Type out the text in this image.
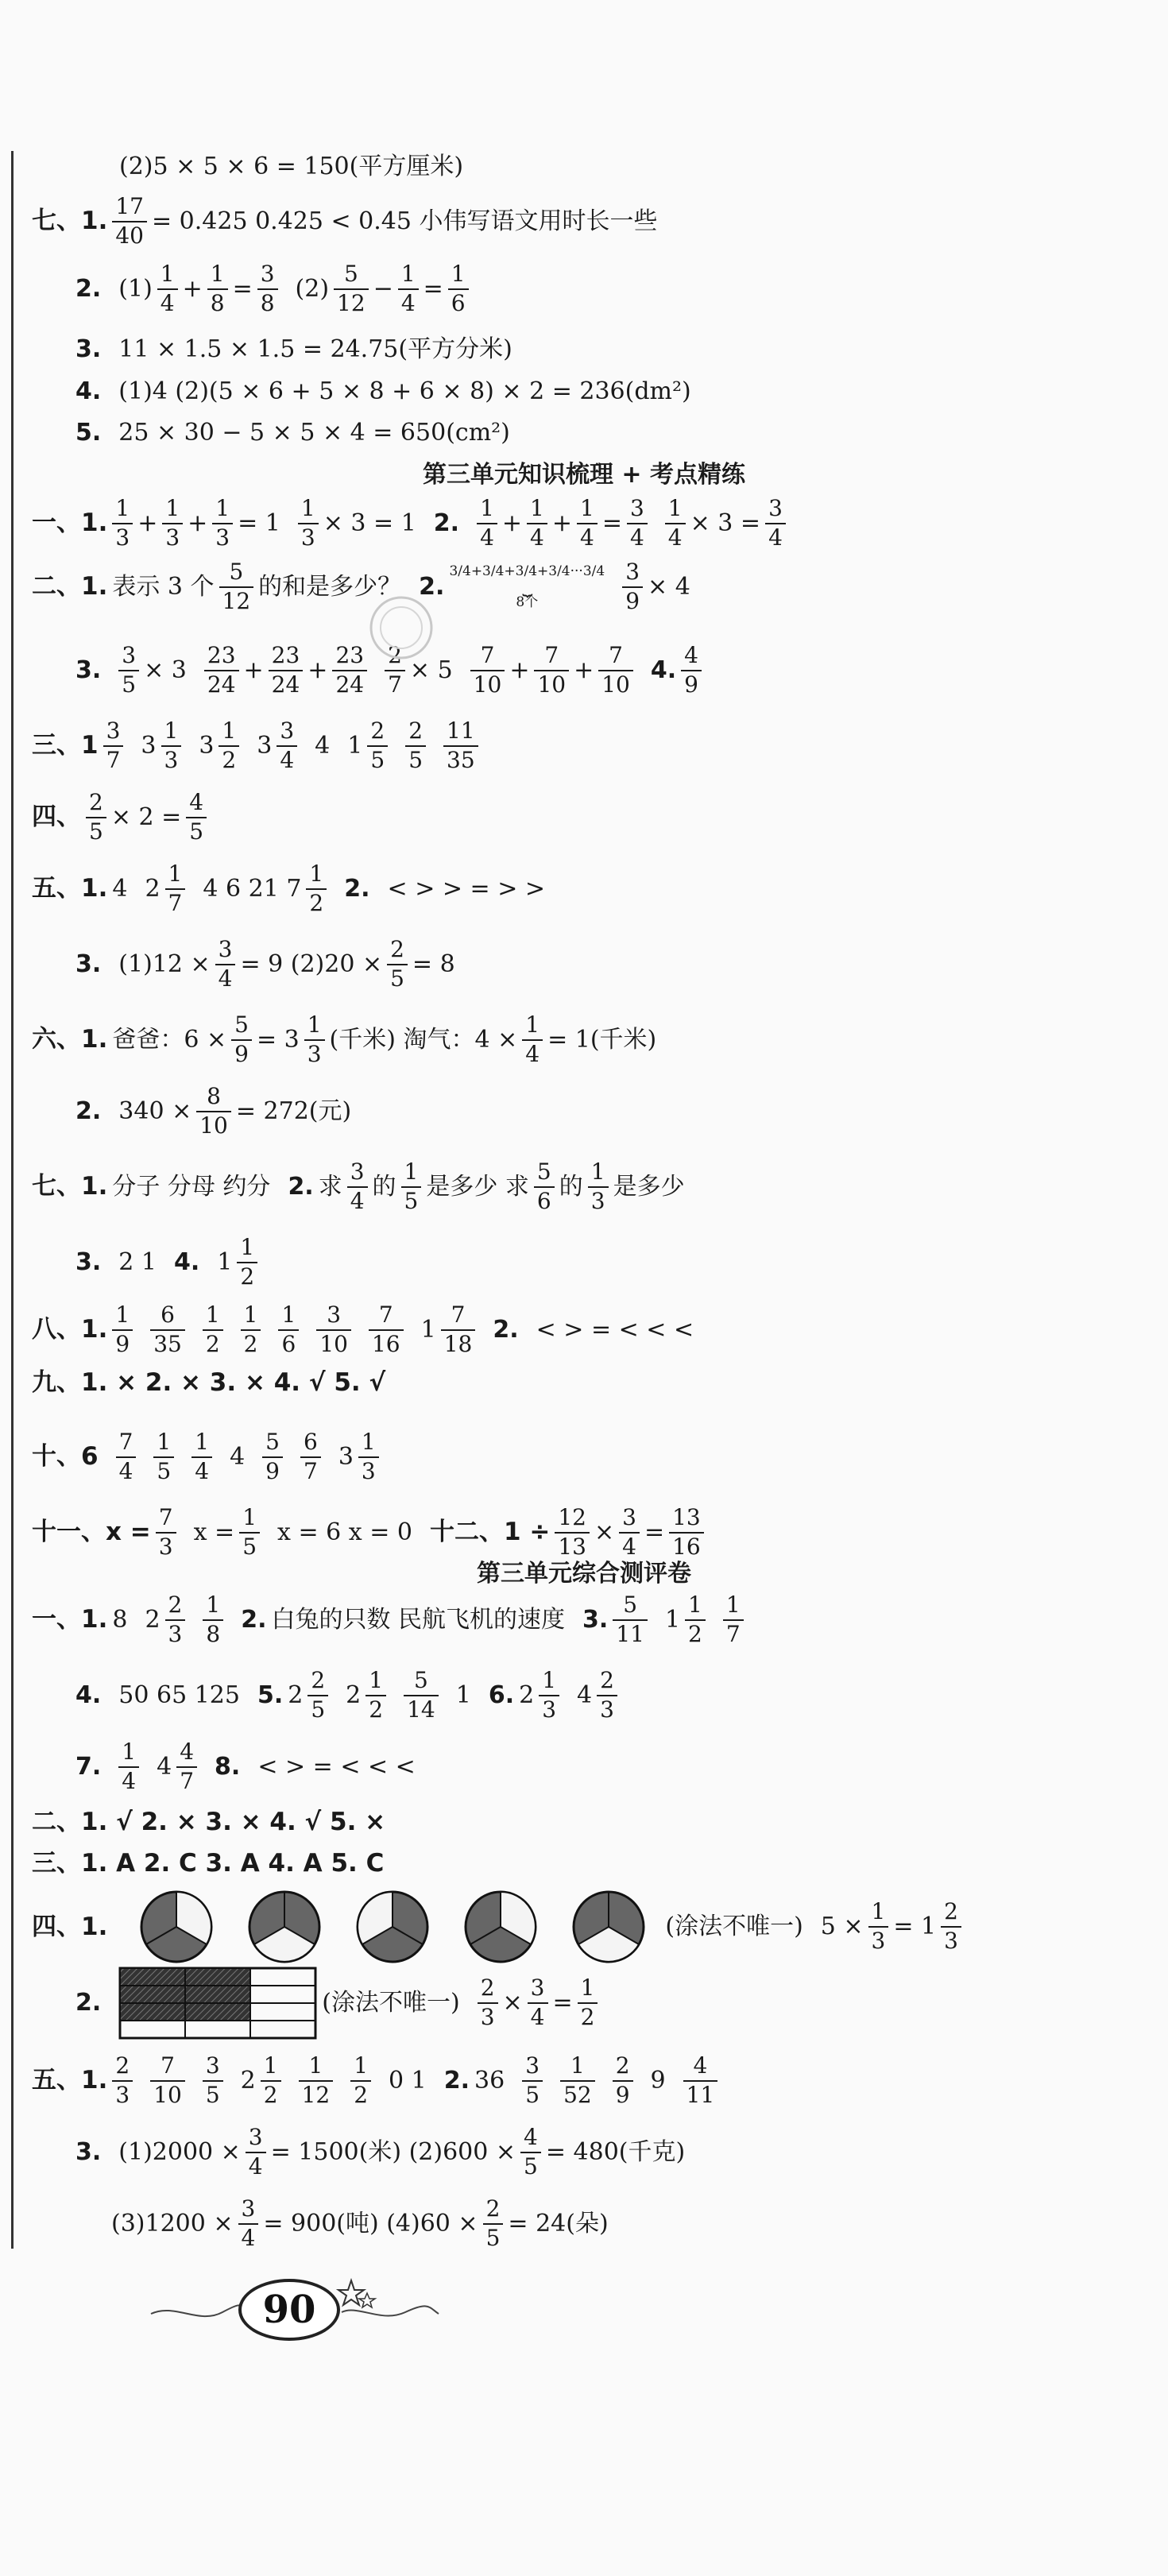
(2)5 × 5 × 6 = 150(平方厘米)
七、1. $\frac{17}{40} = 0.425$ 0.425 < 0.45 小伟写语文用时长一些
2. $(1) \frac{1}{4} + \frac{1}{8} = \frac{3}{8} (2) \frac{5}{12} - \frac{1}{4} = \frac{1}{6}$
3. 11 × 1.5 × 1.5 = 24.75(平方分米)
4. (1)4 (2)(5 × 6 + 5 × 8 + 6 × 8) × 2 = 236(dm²)
5. 25 × 30 − 5 × 5 × 4 = 650(cm²)
第三单元知识梳理 + 考点精练
一、1. $\frac{1}{3} + \frac{1}{3} + \frac{1}{3} = 1 \frac{1}{3} \times 3 = 1$ 2. $\frac{1}{4} + \frac{1}{4} + \frac{1}{4} = \frac{3}{4} \frac{1}{4} \times 3 = \frac{3}{4}$
二、1. 表示 3 个 $\frac{5}{12}$ 的和是多少？ 2.
3/4+3/4+3/4+3/4···3/4
⏟
8个	$\frac{3}{9} \times 4$
3. $\frac{3}{5} \times 3 \frac{23}{24} + \frac{23}{24} + \frac{23}{24} \frac{2}{7} \times 5 \frac{7}{10} + \frac{7}{10} + \frac{7}{10} 4$. $\frac{4}{9}$
三、$1 \frac{3}{7} 3 \frac{1}{3} 3 \frac{1}{2} 3 \frac{3}{4} 4$ $1 \frac{2}{5} \frac{2}{5} \frac{11}{35}$
四、 $\frac{2}{5} \times 2 = \frac{4}{5}$
五、1. 4 $2 \frac{1}{7} 4$ 6 21 $7 \frac{1}{2} 2$. < > > = > >
3. $(1)12 \times \frac{3}{4} = 9$ $(2)20 \times \frac{2}{5} = 8$
六、1. 爸爸：$6 \times \frac{5}{9} = 3 \frac{1}{3}$ (千米) 淘气：$4 \times \frac{1}{4} = 1$(千米)
2. $340 \times \frac{8}{10} = 272$(元)
七、1. 分子 分母 约分 2. 求 $\frac{3}{4}$ 的 $\frac{1}{5}$ 是多少 求 $\frac{5}{6}$ 的 $\frac{1}{3}$ 是多少
3. 2 1 4. $1 \frac{1}{2}$
八、1. $\frac{1}{9} \frac{6}{35} \frac{1}{2} \frac{1}{2} \frac{1}{6} \frac{3}{10} \frac{7}{16} 1 \frac{7}{18} 2$. < > = < < <
九、1. × 2. × 3. × 4. √ 5. √
十、$6 \frac{7}{4} \frac{1}{5} \frac{1}{4} 4 \frac{5}{9} \frac{6}{7} 3 \frac{1}{3}$
十一、$x = \frac{7}{3}$ $x = \frac{1}{5}$ x = 6 x = 0 十二、$1 \div \frac{12}{13} \times \frac{3}{4} = \frac{13}{16}$
第三单元综合测评卷
一、1. 8 $2 \frac{2}{3} \frac{1}{8} 2$. 白兔的只数 民航飞机的速度 3. $\frac{5}{11} 1 \frac{1}{2} \frac{1}{7}$
4. 50 65 125 5. $2 \frac{2}{5} 2 \frac{1}{2} \frac{5}{14} 1$ 6. $2 \frac{1}{3} 4 \frac{2}{3}$
7. $\frac{1}{4} 4 \frac{4}{7} 8$. < > = < < <
二、1. √ 2. × 3. × 4. √ 5. ×
三、1. A 2. C 3. A 4. A 5. C
四、1.	(涂法不唯一) $5 \times \frac{1}{3} = 1 \frac{2}{3}$
2.	(涂法不唯一) $\frac{2}{3} \times \frac{3}{4} = \frac{1}{2}$
五、1. $\frac{2}{3} \frac{7}{10} \frac{3}{5} 2 \frac{1}{2} \frac{1}{12} \frac{1}{2} 0$ 1 2. $36 \frac{3}{5} \frac{1}{52} \frac{2}{9} 9 \frac{4}{11}$
3. $(1)2000 \times \frac{3}{4} = 1500$(米) $(2)600 \times \frac{4}{5} = 480$(千克)
$(3)1200 \times \frac{3}{4} = 900$(吨) $(4)60 \times \frac{2}{5} = 24$(朵)
90
